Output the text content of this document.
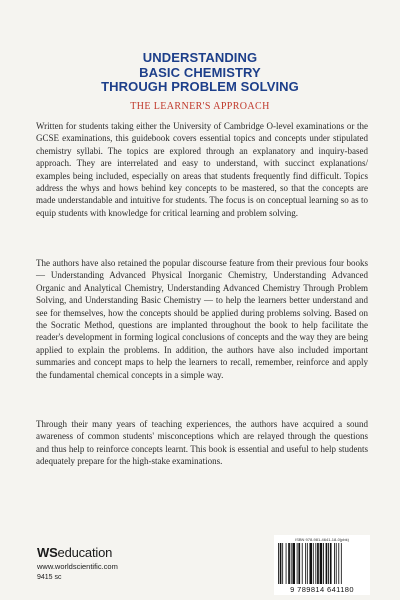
UNDERSTANDING
BASIC CHEMISTRY
THROUGH PROBLEM SOLVING
THE LEARNER'S APPROACH

Written for students taking either the University of Cambridge O-level examinations or the GCSE examinations, this guidebook covers essential topics and concepts under stipulated chemistry syllabi. The topics are explored through an explanatory and inquiry-based approach. They are interrelated and easy to understand, with succinct explanations/ examples being included, especially on areas that students frequently find difficult. Topics address the whys and hows behind key concepts to be mastered, so that the concepts are made understandable and intuitive for students. The focus is on conceptual learning so as to equip students with knowledge for critical learning and problem solving.

The authors have also retained the popular discourse feature from their previous four books — Understanding Advanced Physical Inorganic Chemistry, Understanding Advanced Organic and Analytical Chemistry, Understanding Advanced Chemistry Through Problem Solving, and Understanding Basic Chemistry — to help the learners better understand and see for themselves, how the concepts should be applied during problems solving. Based on the Socratic Method, questions are implanted throughout the book to help facilitate the reader's development in forming logical conclusions of concepts and the way they are being applied to explain the problems. In addition, the authors have also included important summaries and concept maps to help the learners to recall, remember, reinforce and apply the fundamental chemical concepts in a simple way.

Through their many years of teaching experiences, the authors have acquired a sound awareness of common students' misconceptions which are relayed through the questions and thus help to reinforce concepts learnt. This book is essential and useful to help students adequately prepare for the high-stake examinations.

WSeducation
www.worldscientific.com
9415 sc
ISBN 978-981-4641-18-0(pbk)
9 789814 641180
